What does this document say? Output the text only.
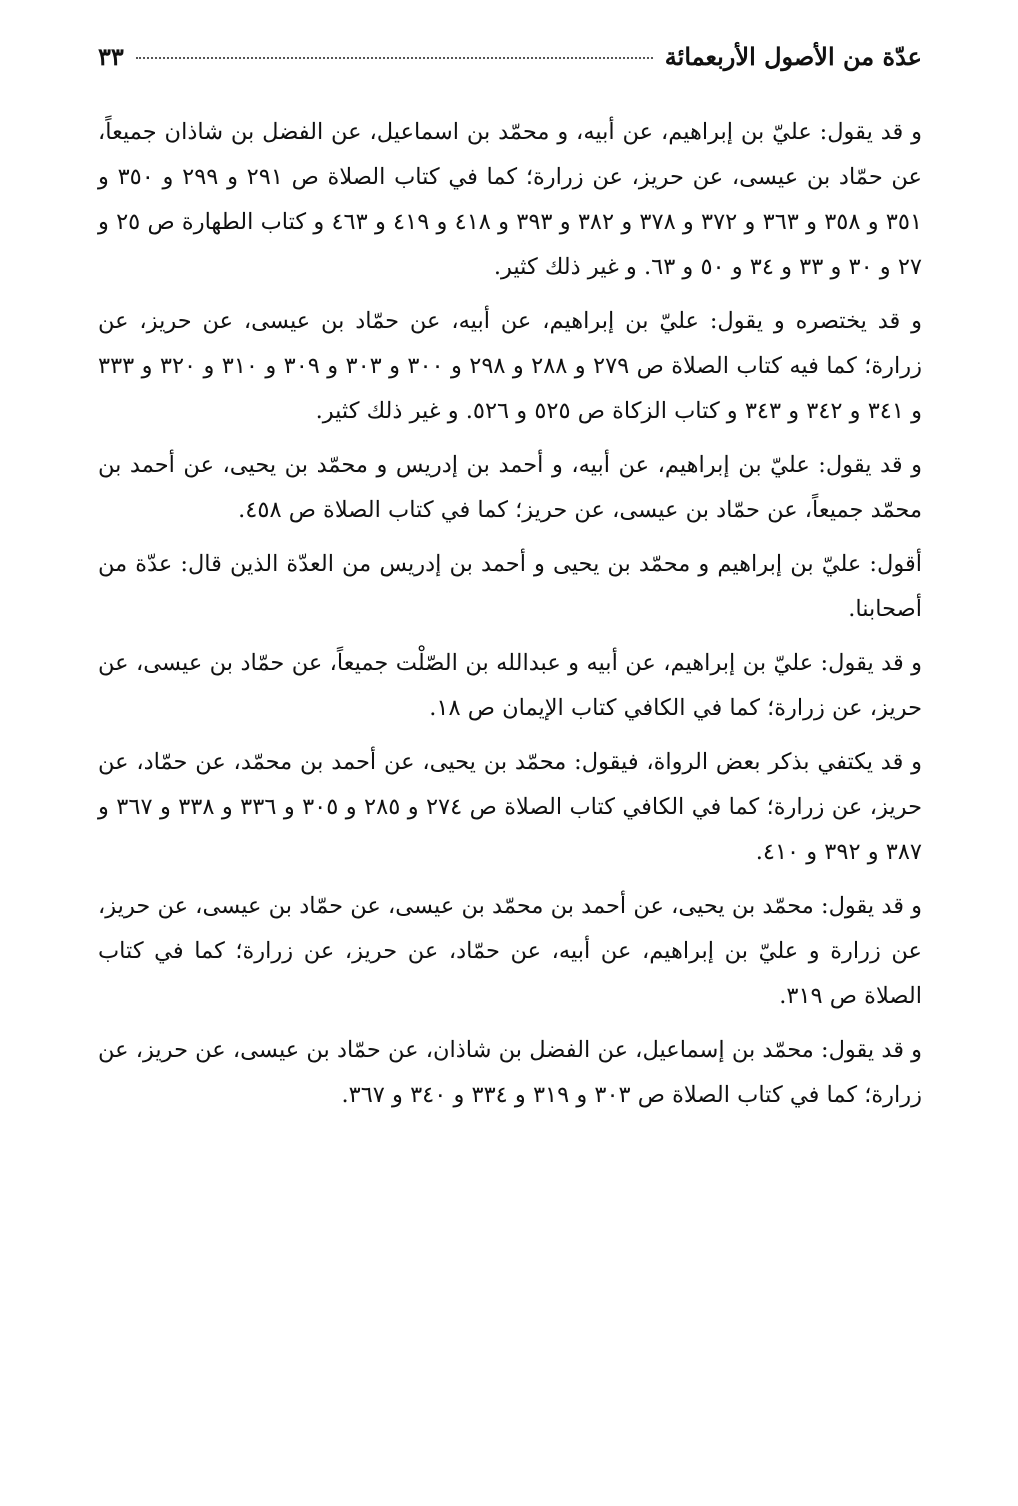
عدّة من الأصول الأربعمائة
٣٣

و قد يقول: عليّ بن إبراهيم، عن أبيه، و محمّد بن اسماعيل، عن الفضل بن شاذان جميعاً، عن حمّاد بن عيسى، عن حريز، عن زرارة؛ كما في كتاب الصلاة ص ٢٩١ و ٢٩٩ و ٣٥٠ و ٣٥١ و ٣٥٨ و ٣٦٣ و ٣٧٢ و ٣٧٨ و ٣٨٢ و ٣٩٣ و ٤١٨ و ٤١٩ و ٤٦٣ و كتاب الطهارة ص ٢٥ و ٢٧ و ٣٠ و ٣٣ و ٣٤ و ٥٠ و ٦٣. و غير ذلك كثير.

و قد يختصره و يقول: عليّ بن إبراهيم، عن أبيه، عن حمّاد بن عيسى، عن حريز، عن زرارة؛ كما فيه كتاب الصلاة ص ٢٧٩ و ٢٨٨ و ٢٩٨ و ٣٠٠ و ٣٠٣ و ٣٠٩ و ٣١٠ و ٣٢٠ و ٣٣٣ و ٣٤١ و ٣٤٢ و ٣٤٣ و كتاب الزكاة ص ٥٢٥ و ٥٢٦. و غير ذلك كثير.

و قد يقول: عليّ بن إبراهيم، عن أبيه، و أحمد بن إدريس و محمّد بن يحيى، عن أحمد بن محمّد جميعاً، عن حمّاد بن عيسى، عن حريز؛ كما في كتاب الصلاة ص ٤٥٨.

أقول: عليّ بن إبراهيم و محمّد بن يحيى و أحمد بن إدريس من العدّة الذين قال: عدّة من أصحابنا.

و قد يقول: عليّ بن إبراهيم، عن أبيه و عبدالله بن الصّلْت جميعاً، عن حمّاد بن عيسى، عن حريز، عن زرارة؛ كما في الكافي كتاب الإيمان ص ١٨.

و قد يكتفي بذكر بعض الرواة، فيقول: محمّد بن يحيى، عن أحمد بن محمّد، عن حمّاد، عن حريز، عن زرارة؛ كما في الكافي كتاب الصلاة ص ٢٧٤ و ٢٨٥ و ٣٠٥ و ٣٣٦ و ٣٣٨ و ٣٦٧ و ٣٨٧ و ٣٩٢ و ٤١٠.

و قد يقول: محمّد بن يحيى، عن أحمد بن محمّد بن عيسى، عن حمّاد بن عيسى، عن حريز، عن زرارة و عليّ بن إبراهيم، عن أبيه، عن حمّاد، عن حريز، عن زرارة؛ كما في كتاب الصلاة ص ٣١٩.

و قد يقول: محمّد بن إسماعيل، عن الفضل بن شاذان، عن حمّاد بن عيسى، عن حريز، عن زرارة؛ كما في كتاب الصلاة ص ٣٠٣ و ٣١٩ و ٣٣٤ و ٣٤٠ و ٣٦٧.
